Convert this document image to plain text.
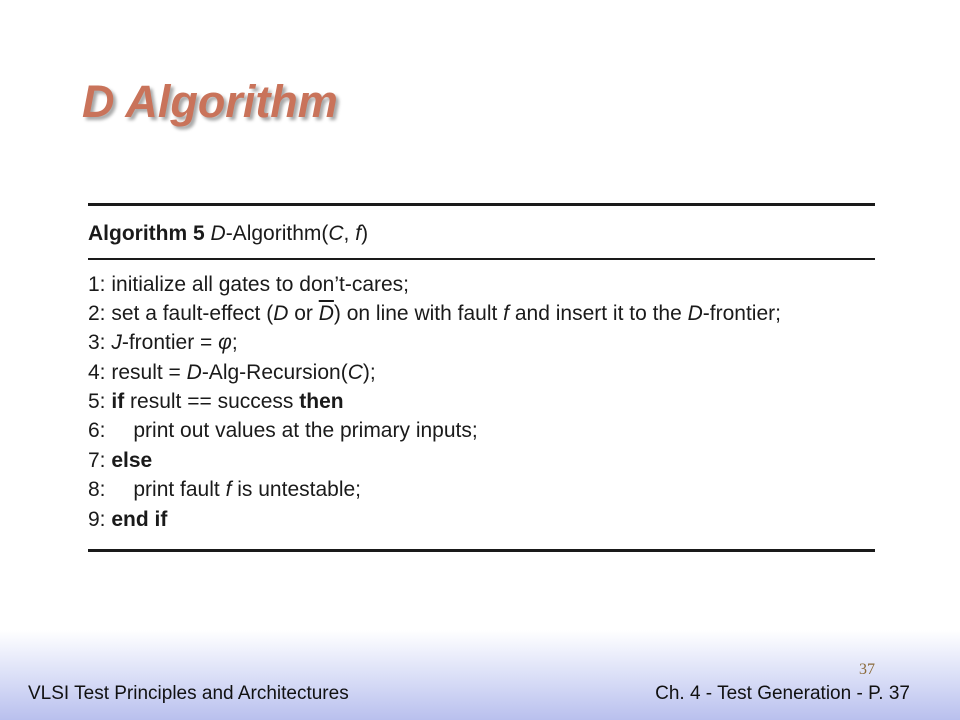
D Algorithm
Algorithm 5 D-Algorithm(C, f)
1: initialize all gates to don’t-cares;
2: set a fault-effect (D or $\overline{D}$) on line with fault f and insert it to the D-frontier;
3: J-frontier = φ;
4: result = D-Alg-Recursion(C);
5: if result == success then
6: print out values at the primary inputs;
7: else
8: print fault f is untestable;
9: end if
37
VLSI Test Principles and Architectures	Ch. 4 - Test Generation - P. 37
